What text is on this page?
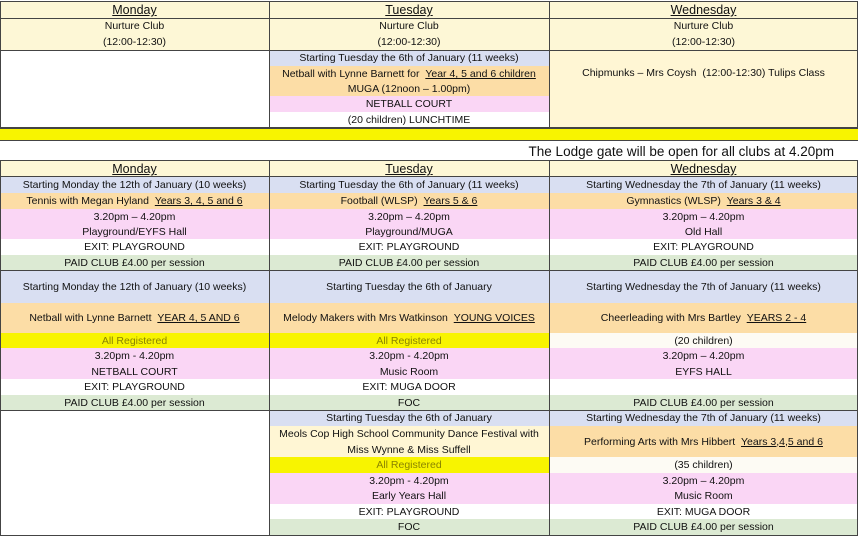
Monday
Nurture Club
(12:00-12:30)
Tuesday
Nurture Club
(12:00-12:30)
Starting Tuesday the 6th of January (11 weeks)
Netball with Lynne Barnett for
Year 4, 5 and 6 children
MUGA (12noon – 1.00pm)
NETBALL COURT
(20 children) LUNCHTIME
Wednesday
Nurture Club
(12:00-12:30)
Chipmunks – Mrs Coysh
(12:00-12:30) Tulips Class
The Lodge gate will be open for all clubs at 4.20pm
Monday
Starting Monday the 12th of January (10 weeks)
Tennis with Megan Hyland
Years 3, 4, 5 and 6
3.20pm – 4.20pm
Playground/EYFS Hall
EXIT: PLAYGROUND
PAID CLUB £4.00 per session
Starting Monday the 12th of January (10 weeks)
Netball with Lynne Barnett
YEAR 4, 5 AND 6
All Registered
3.20pm - 4.20pm
NETBALL COURT
EXIT: PLAYGROUND
PAID CLUB £4.00 per session
Tuesday
Starting Tuesday the 6th of January (11 weeks)
Football (WLSP)
Years 5 & 6
3.20pm – 4.20pm
Playground/MUGA
EXIT: PLAYGROUND
PAID CLUB £4.00 per session
Starting Tuesday the 6th of January
Melody Makers with Mrs Watkinson
YOUNG VOICES
All Registered
3.20pm - 4.20pm
Music Room
EXIT: MUGA DOOR
FOC
Starting Tuesday the 6th of January
Meols Cop High School Community Dance Festival with
Miss Wynne & Miss Suffell
All Registered
3.20pm - 4.20pm
Early Years Hall
EXIT: PLAYGROUND
FOC
Wednesday
Starting Wednesday the 7th of January (11 weeks)
Gymnastics (WLSP)
Years 3 & 4
3.20pm – 4.20pm
Old Hall
EXIT: PLAYGROUND
PAID CLUB £4.00 per session
Starting Wednesday the 7th of January (11 weeks)
Cheerleading with Mrs Bartley
YEARS 2 - 4
(20 children)
3.20pm – 4.20pm
EYFS HALL
PAID CLUB £4.00 per session
Starting Wednesday the 7th of January (11 weeks)
Performing Arts with Mrs Hibbert
Years 3,4,5 and 6
(35 children)
3.20pm – 4.20pm
Music Room
EXIT: MUGA DOOR
PAID CLUB £4.00 per session
